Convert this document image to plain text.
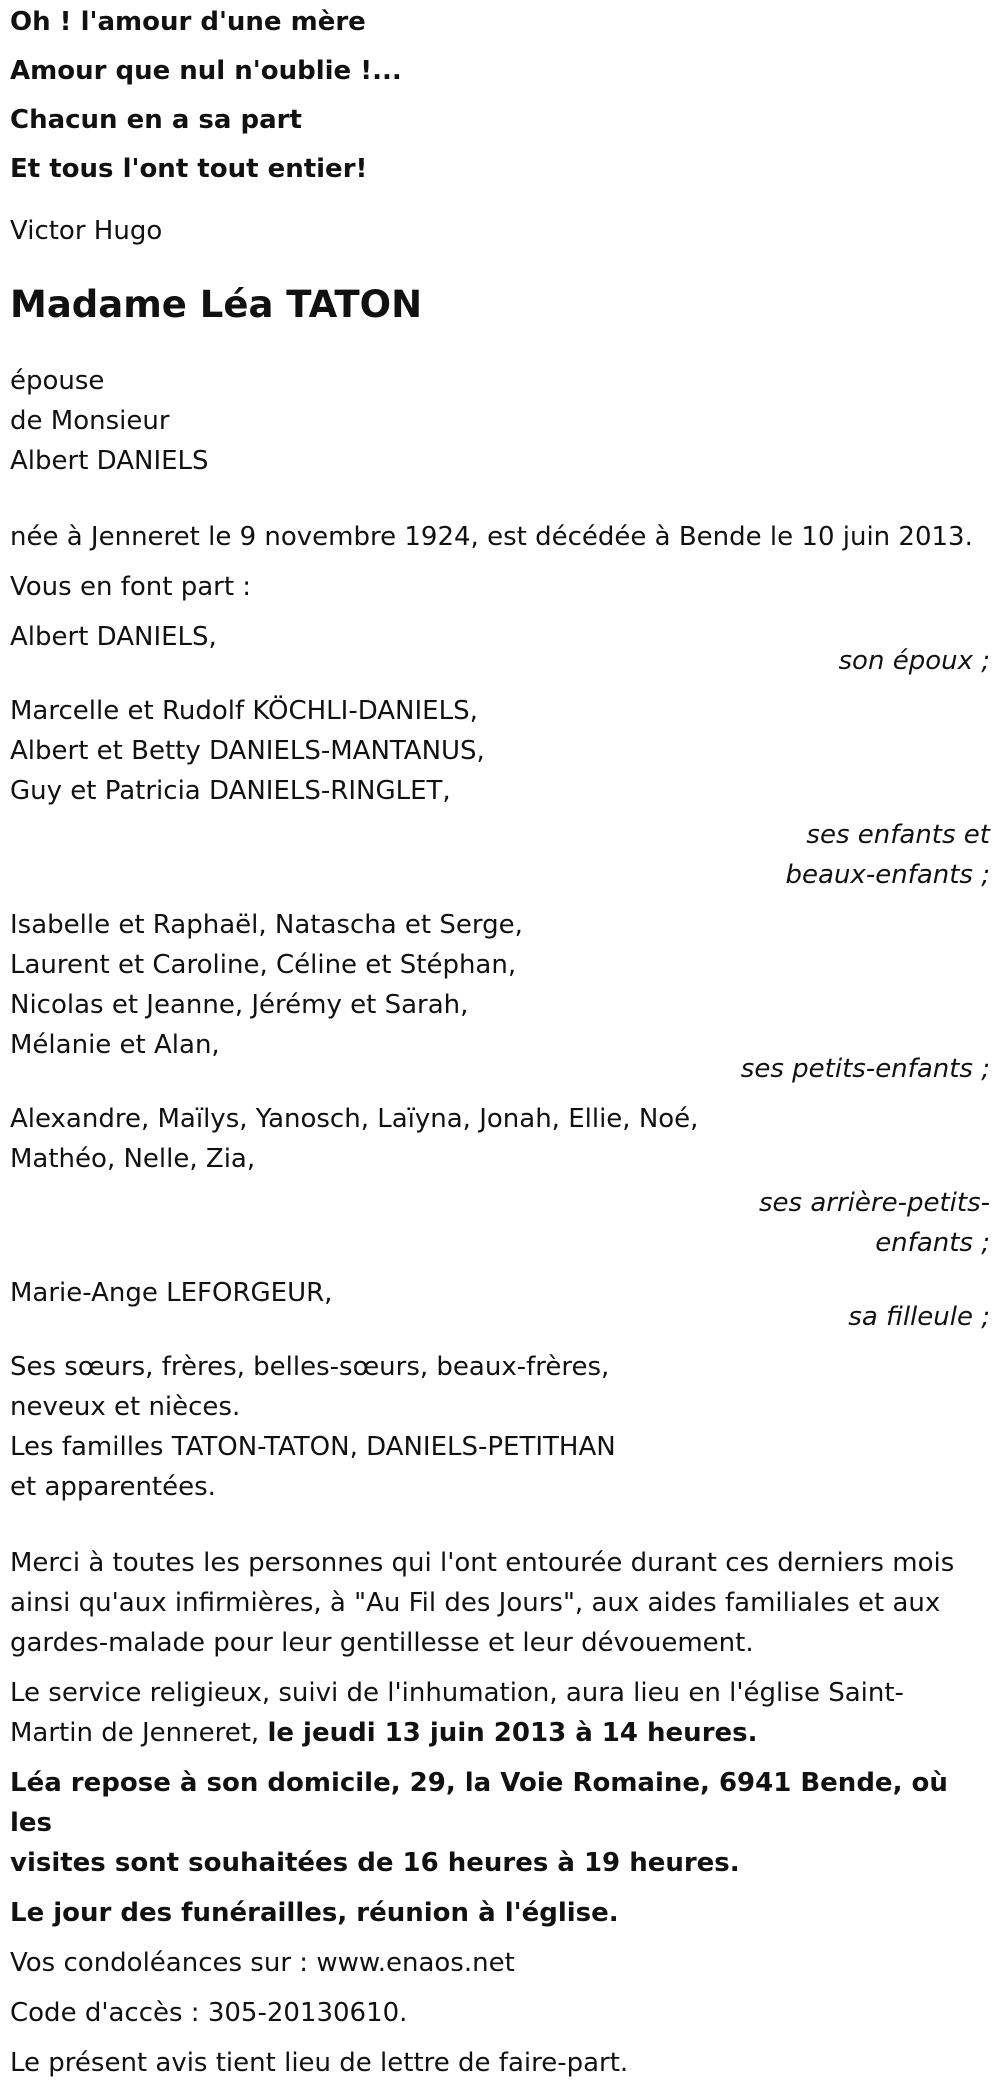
Oh ! l'amour d'une mère
Amour que nul n'oublie !...
Chacun en a sa part
Et tous l'ont tout entier!
Victor Hugo
Madame Léa TATON
épouse
de Monsieur
Albert DANIELS
née à Jenneret le 9 novembre 1924, est décédée à Bende le 10 juin 2013.
Vous en font part :
Albert DANIELS,
son époux ;
Marcelle et Rudolf KÖCHLI-DANIELS,
Albert et Betty DANIELS-MANTANUS,
Guy et Patricia DANIELS-RINGLET,
ses enfants et
beaux-enfants ;
Isabelle et Raphaël, Natascha et Serge,
Laurent et Caroline, Céline et Stéphan,
Nicolas et Jeanne, Jérémy et Sarah,
Mélanie et Alan,
ses petits-enfants ;
Alexandre, Maïlys, Yanosch, Laïyna, Jonah, Ellie, Noé,
Mathéo, Nelle, Zia,
ses arrière-petits-
enfants ;
Marie-Ange LEFORGEUR,
sa filleule ;
Ses sœurs, frères, belles-sœurs, beaux-frères,
neveux et nièces.
Les familles TATON-TATON, DANIELS-PETITHAN
et apparentées.
Merci à toutes les personnes qui l'ont entourée durant ces derniers mois
ainsi qu'aux infirmières, à "Au Fil des Jours", aux aides familiales et aux
gardes-malade pour leur gentillesse et leur dévouement.
Le service religieux, suivi de l'inhumation, aura lieu en l'église Saint-
Martin de Jenneret, le jeudi 13 juin 2013 à 14 heures.
Léa repose à son domicile, 29, la Voie Romaine, 6941 Bende, où les
visites sont souhaitées de 16 heures à 19 heures.
Le jour des funérailles, réunion à l'église.
Vos condoléances sur : www.enaos.net
Code d'accès : 305-20130610.
Le présent avis tient lieu de lettre de faire-part.
